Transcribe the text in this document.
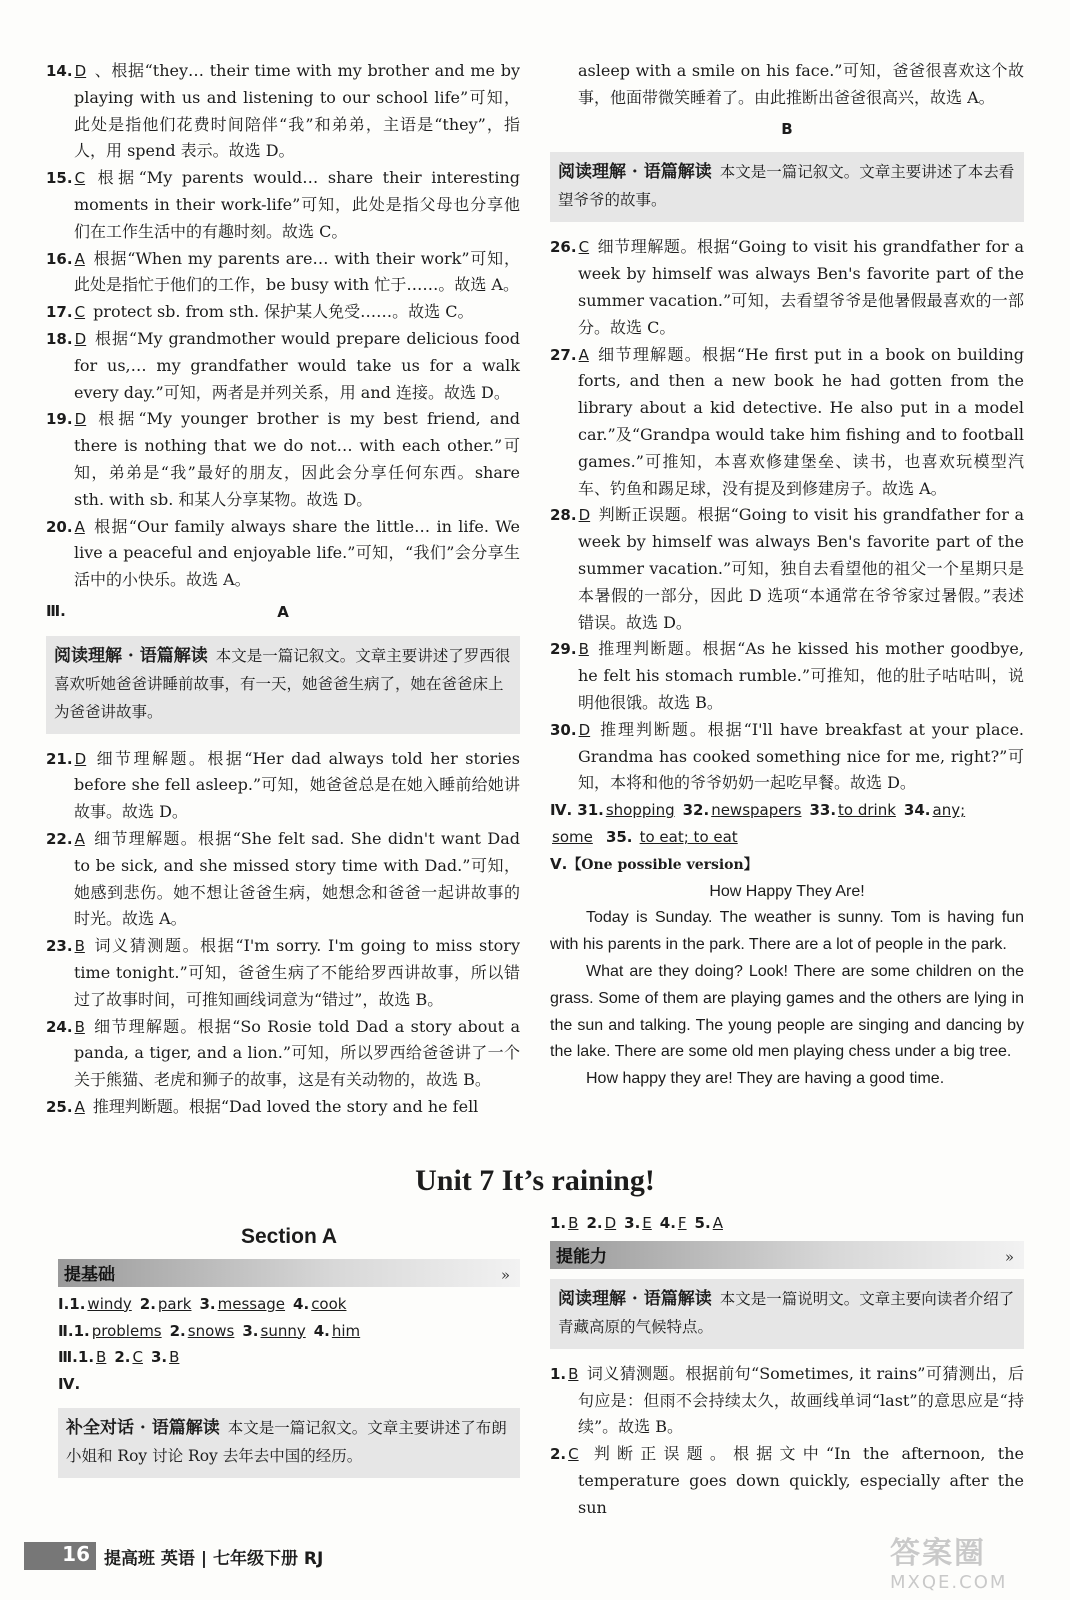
14. D 、根据“they… their time with my brother and me by playing with us and listening to our school life”可知，此处是指他们花费时间陪伴“我”和弟弟，主语是“they”，指人，用 spend 表示。故选 D。
15. C 根据“My parents would… share their interesting moments in their work-life”可知，此处是指父母也分享他们在工作生活中的有趣时刻。故选 C。
16. A 根据“When my parents are… with their work”可知，此处是指忙于他们的工作，be busy with 忙于……。故选 A。
17. C protect sb. from sth. 保护某人免受……。故选 C。
18. D 根据“My grandmother would prepare delicious food for us,… my grandfather would take us for a walk every day.”可知，两者是并列关系，用 and 连接。故选 D。
19. D 根据“My younger brother is my best friend, and there is nothing that we do not… with each other.”可知，弟弟是“我”最好的朋友，因此会分享任何东西。share sth. with sb. 和某人分享某物。故选 D。
20. A 根据“Our family always share the little… in life. We live a peaceful and enjoyable life.”可知，“我们”会分享生活中的小快乐。故选 A。
Ⅲ.	A
阅读理解 · 语篇解读 本文是一篇记叙文。文章主要讲述了罗西很喜欢听她爸爸讲睡前故事，有一天，她爸爸生病了，她在爸爸床上为爸爸讲故事。
21. D 细节理解题。根据“Her dad always told her stories before she fell asleep.”可知，她爸爸总是在她入睡前给她讲故事。故选 D。
22. A 细节理解题。根据“She felt sad. She didn't want Dad to be sick, and she missed story time with Dad.”可知，她感到悲伤。她不想让爸爸生病，她想念和爸爸一起讲故事的时光。故选 A。
23. B 词义猜测题。根据“I'm sorry. I'm going to miss story time tonight.”可知，爸爸生病了不能给罗西讲故事，所以错过了故事时间，可推知画线词意为“错过”，故选 B。
24. B 细节理解题。根据“So Rosie told Dad a story about a panda, a tiger, and a lion.”可知，所以罗西给爸爸讲了一个关于熊猫、老虎和狮子的故事，这是有关动物的，故选 B。
25. A 推理判断题。根据“Dad loved the story and he fell
asleep with a smile on his face.”可知，爸爸很喜欢这个故事，他面带微笑睡着了。由此推断出爸爸很高兴，故选 A。
B
阅读理解 · 语篇解读 本文是一篇记叙文。文章主要讲述了本去看望爷爷的故事。
26. C 细节理解题。根据“Going to visit his grandfather for a week by himself was always Ben's favorite part of the summer vacation.”可知，去看望爷爷是他暑假最喜欢的一部分。故选 C。
27. A 细节理解题。根据“He first put in a book on building forts, and then a new book he had gotten from the library about a kid detective. He also put in a model car.”及“Grandpa would take him fishing and to football games.”可推知，本喜欢修建堡垒、读书，也喜欢玩模型汽车、钓鱼和踢足球，没有提及到修建房子。故选 A。
28. D 判断正误题。根据“Going to visit his grandfather for a week by himself was always Ben's favorite part of the summer vacation.”可知，独自去看望他的祖父一个星期只是本暑假的一部分，因此 D 选项“本通常在爷爷家过暑假。”表述错误。故选 D。
29. B 推理判断题。根据“As he kissed his mother goodbye, he felt his stomach rumble.”可推知，他的肚子咕咕叫，说明他很饿。故选 B。
30. D 推理判断题。根据“I'll have breakfast at your place. Grandma has cooked something nice for me, right?”可知，本将和他的爷爷奶奶一起吃早餐。故选 D。
Ⅳ. 31. shopping 32. newspapers 33. to drink 34. any;
some 35. to eat; to eat
Ⅴ.【One possible version】
How Happy They Are!
Today is Sunday. The weather is sunny. Tom is having fun with his parents in the park. There are a lot of people in the park.
What are they doing? Look! There are some children on the grass. Some of them are playing games and the others are lying in the sun and talking. The young people are singing and dancing by the lake. There are some old men playing chess under a big tree.
How happy they are! They are having a good time.
Unit 7 It’s raining!
Section A
提基础	»
Ⅰ.1. windy 2. park 3. message 4. cook
Ⅱ.1. problems 2. snows 3. sunny 4. him
Ⅲ.1. B 2. C 3. B
Ⅳ.
补全对话 · 语篇解读 本文是一篇记叙文。文章主要讲述了布朗小姐和 Roy 讨论 Roy 去年去中国的经历。
1. B 2. D 3. E 4. F 5. A
提能力	»
阅读理解 · 语篇解读 本文是一篇说明文。文章主要向读者介绍了青藏高原的气候特点。
1. B 词义猜测题。根据前句“Sometimes, it rains”可猜测出，后句应是：但雨不会持续太久，故画线单词“last”的意思应是“持续”。故选 B。
2. C 判断正误题。根据文中“In the afternoon, the temperature goes down quickly, especially after the sun
16 提高班 英语 | 七年级下册 RJ	答案圈
MXQE.COM
